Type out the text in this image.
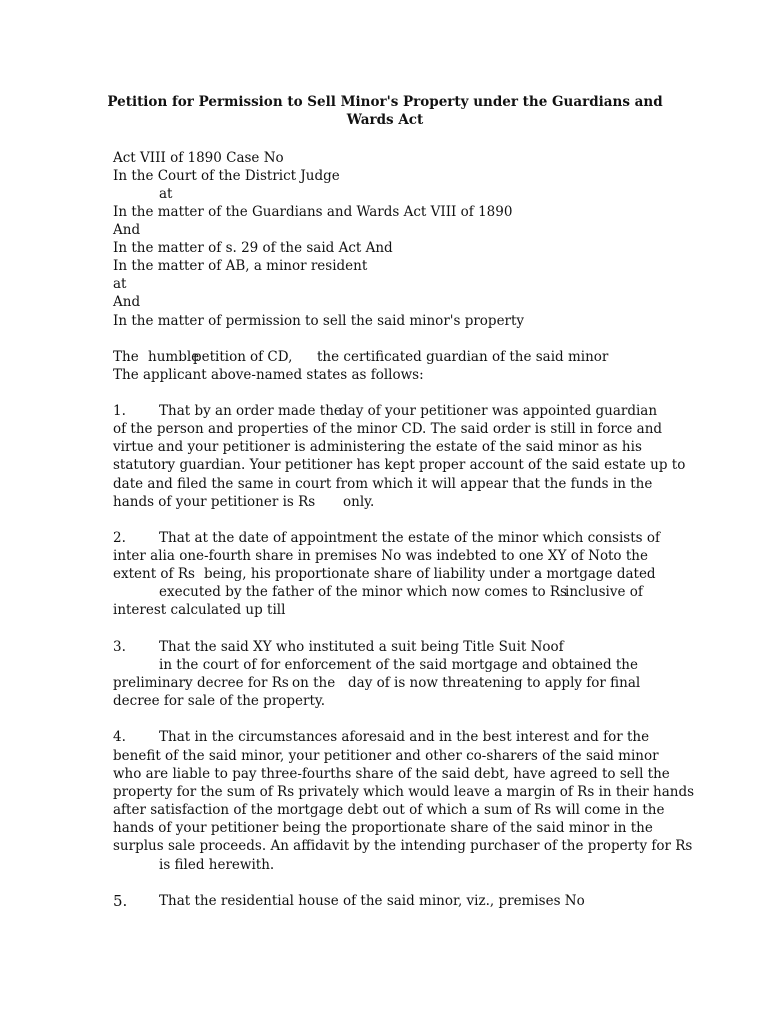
Petition for Permission to Sell Minor's Property under the Guardians and
Wards Act
Act VIII of 1890 Case No
In the Court of the District Judge
at
In the matter of the Guardians and Wards Act VIII of 1890
And
In the matter of s. 29 of the said Act And
In the matter of AB, a minor resident
at
And
In the matter of permission to sell the said minor's property
The humble
petition of CD, the certificated guardian of the said minor
The applicant above-named states as follows:
1. That by an order made the
day of your petitioner was appointed guardian
of the person and properties of the minor CD. The said order is still in force and
virtue and your petitioner is administering the estate of the said minor as his
statutory guardian. Your petitioner has kept proper account of the said estate up to
date and filed the same in court from which it will appear that the funds in the
hands of your petitioner is Rs only.
2. That at the date of appointment the estate of the minor which consists of
inter alia one-fourth share in premises No was indebted to one XY of No to the
extent of Rs being, his proportionate share of liability under a mortgage dated
executed by the father of the minor which now comes to Rs
inclusive of
interest calculated up till
3. That the said XY who instituted a suit being Title Suit Noof
in the court of for enforcement of the said mortgage and obtained the
preliminary decree for Rs on the day of is now threatening to apply for final
decree for sale of the property.
4. That in the circumstances aforesaid and in the best interest and for the
benefit of the said minor, your petitioner and other co-sharers of the said minor
who are liable to pay three-fourths share of the said debt, have agreed to sell the
property for the sum of Rs privately which would leave a margin of Rs in their hands
after satisfaction of the mortgage debt out of which a sum of Rs will come in the
hands of your petitioner being the proportionate share of the said minor in the
surplus sale proceeds. An affidavit by the intending purchaser of the property for Rs
is filed herewith.
5. That the residential house of the said minor, viz., premises No
